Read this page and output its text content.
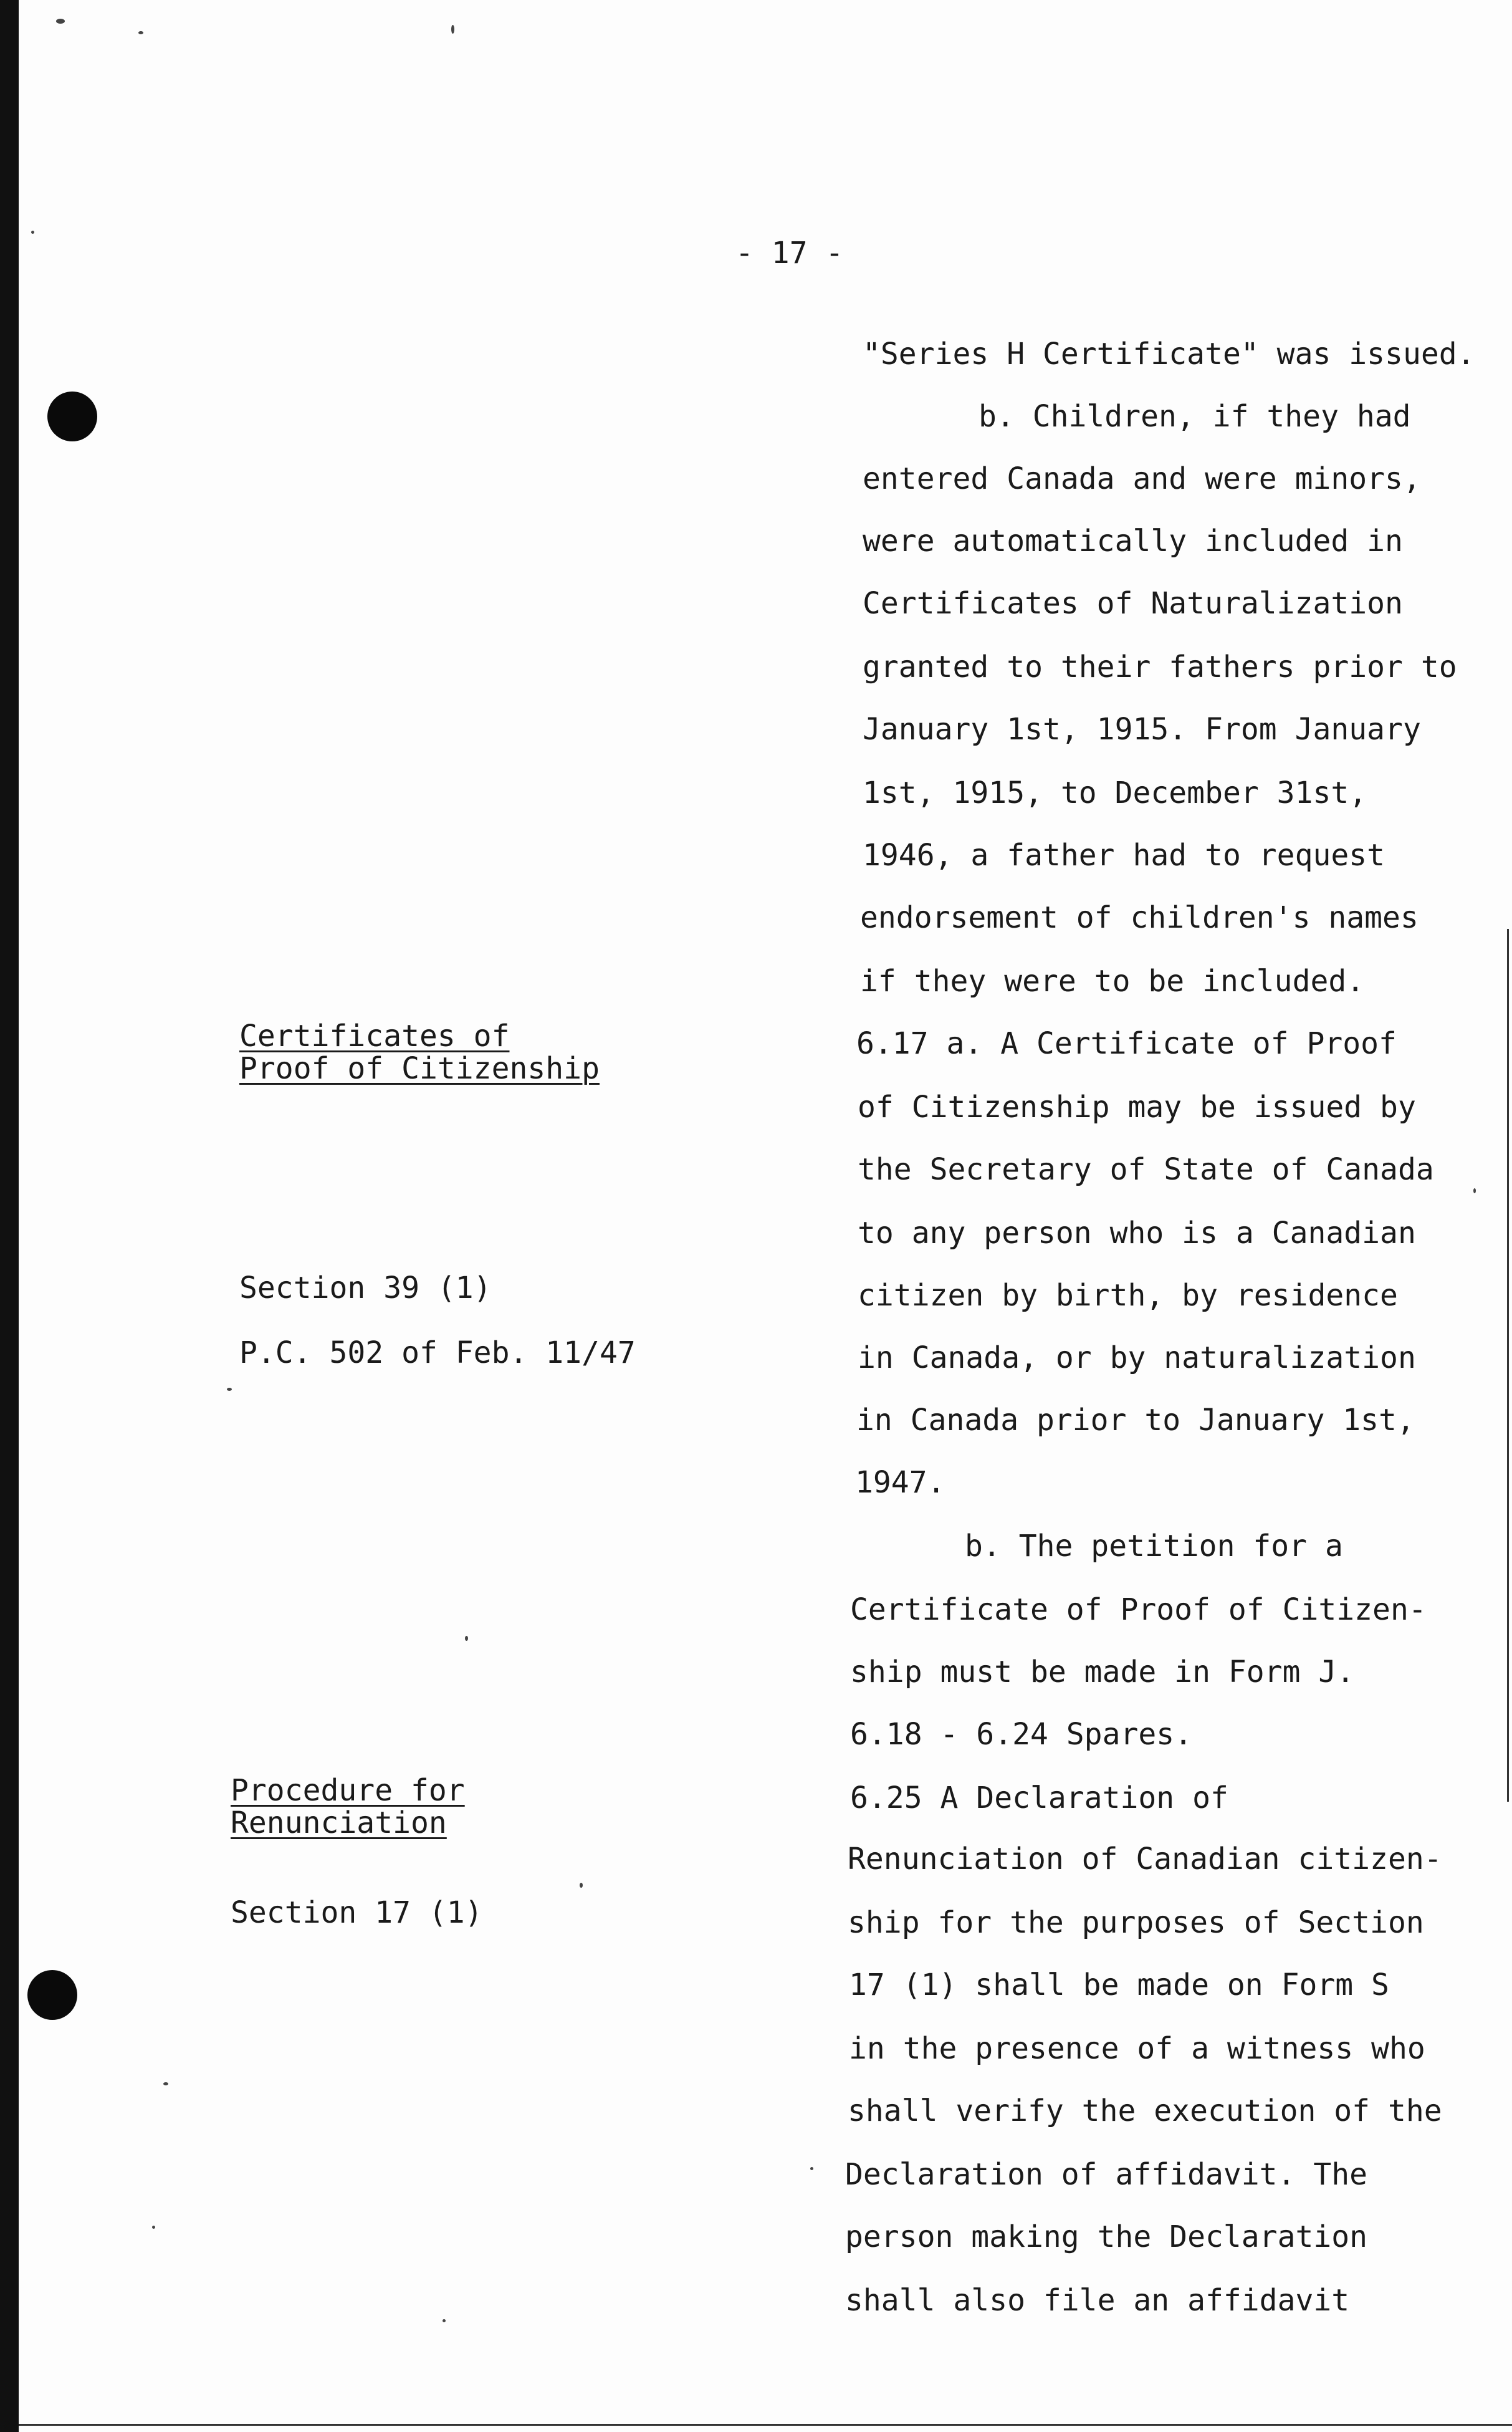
- 17 -
Certificates of
Proof of Citizenship
Section 39 (1)
P.C. 502 of Feb. 11/47
Procedure for
Renunciation
Section 17 (1)
"Series H Certificate" was issued.
b. Children, if they had
entered Canada and were minors,
were automatically included in
Certificates of Naturalization
granted to their fathers prior to
January 1st, 1915. From January
1st, 1915, to December 31st,
1946, a father had to request
endorsement of children's names
if they were to be included.
6.17 a. A Certificate of Proof
of Citizenship may be issued by
the Secretary of State of Canada
to any person who is a Canadian
citizen by birth, by residence
in Canada, or by naturalization
in Canada prior to January 1st,
1947.
b. The petition for a
Certificate of Proof of Citizen-
ship must be made in Form J.
6.18 - 6.24 Spares.
6.25 A Declaration of
Renunciation of Canadian citizen-
ship for the purposes of Section
17 (1) shall be made on Form S
in the presence of a witness who
shall verify the execution of the
Declaration of affidavit. The
person making the Declaration
shall also file an affidavit
